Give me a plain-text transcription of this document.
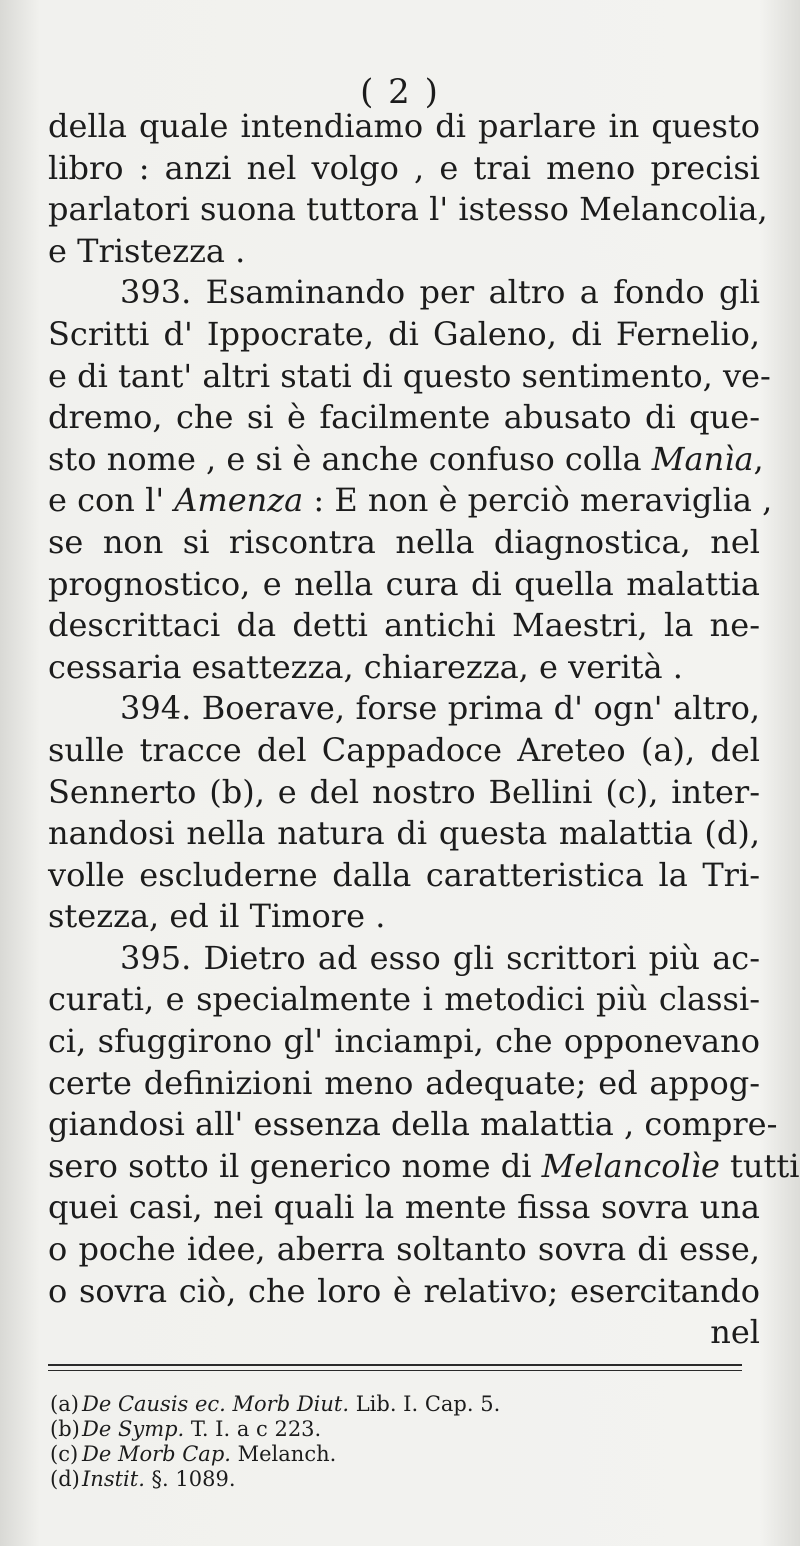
( 2 )
della quale intendiamo di parlare in questo
libro : anzi nel volgo , e trai meno precisi
parlatori suona tuttora l' istesso Melancolia,
e Tristezza .
393. Esaminando per altro a fondo gli
Scritti d' Ippocrate, di Galeno, di Fernelio,
e di tant' altri stati di questo sentimento, ve-
dremo, che si è facilmente abusato di que-
sto nome , e si è anche confuso colla Manìa,
e con l' Amenza : E non è perciò meraviglia ,
se non si riscontra nella diagnostica, nel
prognostico, e nella cura di quella malattia
descrittaci da detti antichi Maestri, la ne-
cessaria esattezza, chiarezza, e verità .
394. Boerave, forse prima d' ogn' altro,
sulle tracce del Cappadoce Areteo (a), del
Sennerto (b), e del nostro Bellini (c), inter-
nandosi nella natura di questa malattia (d),
volle escluderne dalla caratteristica la Tri-
stezza, ed il Timore .
395. Dietro ad esso gli scrittori più ac-
curati, e specialmente i metodici più classi-
ci, sfuggirono gl' inciampi, che opponevano
certe definizioni meno adequate; ed appog-
giandosi all' essenza della malattia , compre-
sero sotto il generico nome di Melancolìe tutti
quei casi, nei quali la mente fissa sovra una
o poche idee, aberra soltanto sovra di esse,
o sovra ciò, che loro è relativo; esercitando
nel
(a) De Causis ec. Morb Diut. Lib. I. Cap. 5.
(b) De Symp. T. I. a c 223.
(c) De Morb Cap. Melanch.
(d) Instit. §. 1089.
